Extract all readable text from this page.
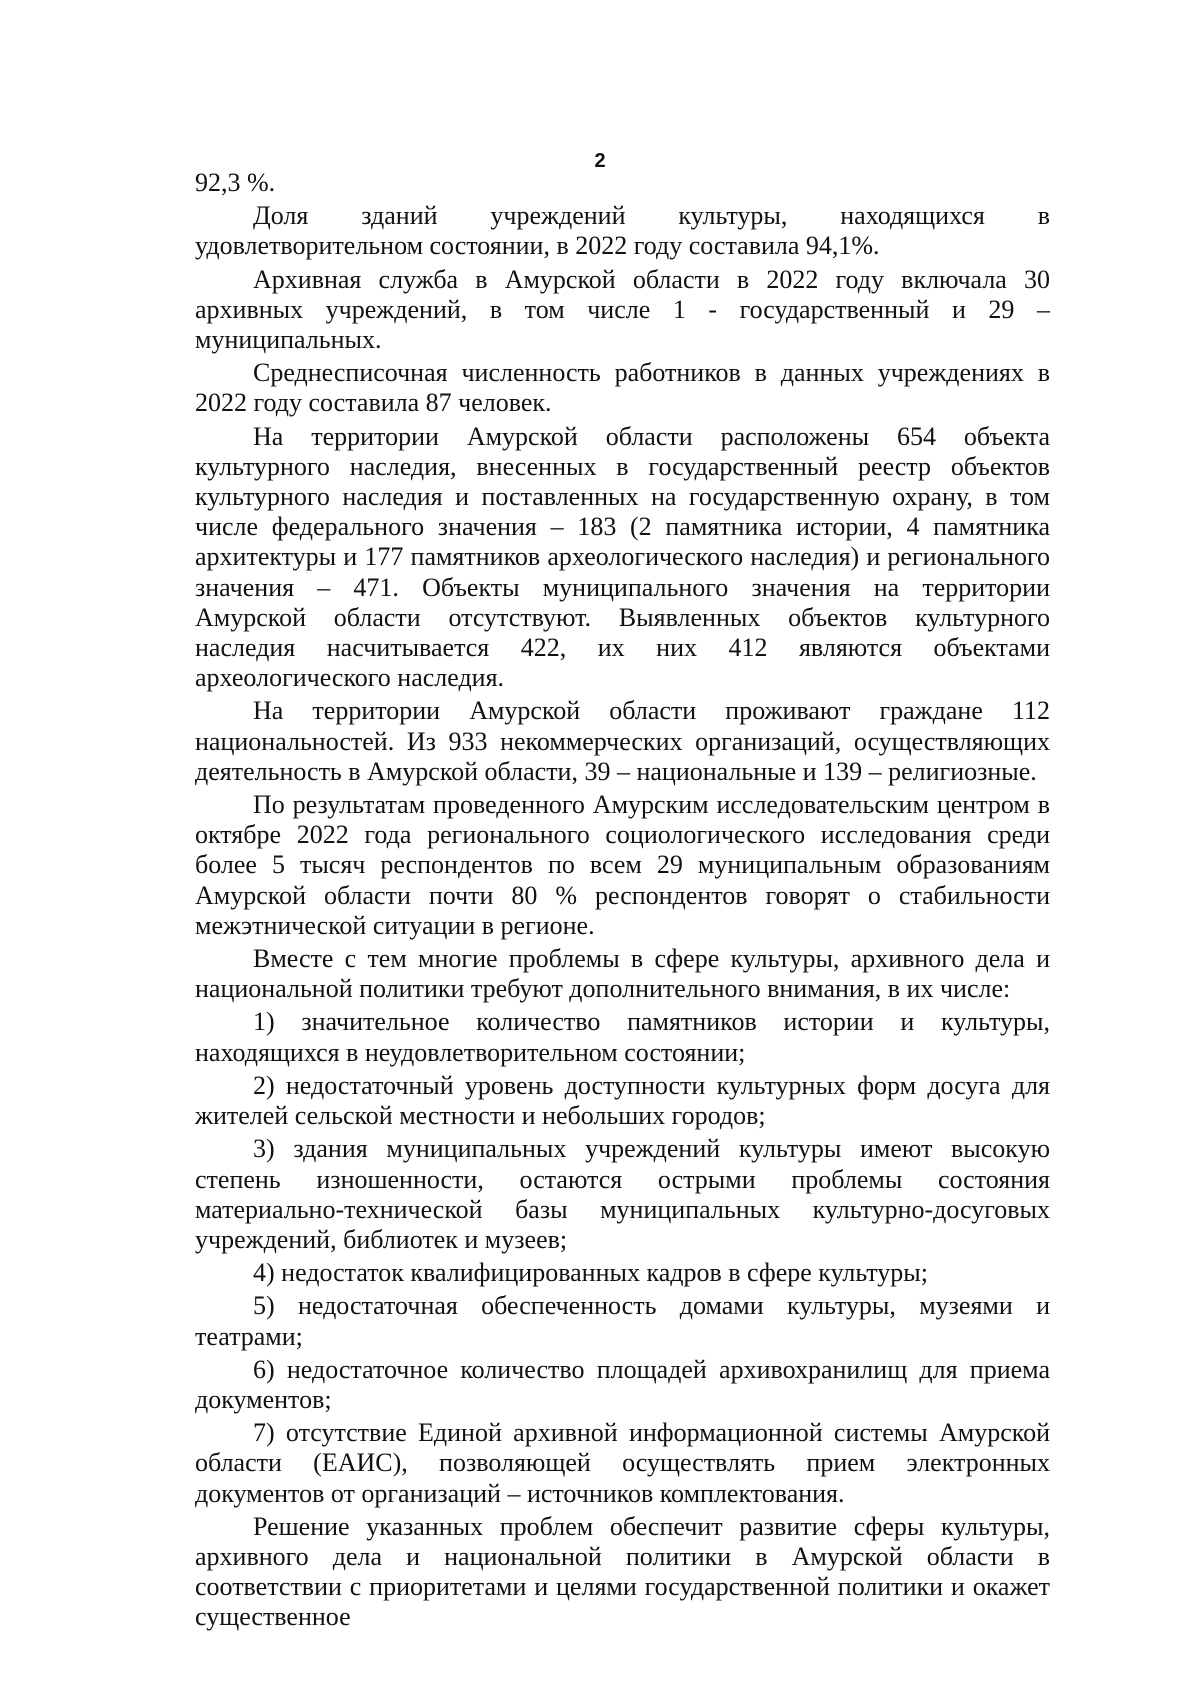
2

92,3 %.

Доля зданий учреждений культуры, находящихся в удовлетворительном состоянии, в 2022 году составила 94,1%.

Архивная служба в Амурской области в 2022 году включала 30 архивных учреждений, в том числе 1 - государственный и 29 – муниципальных.

Среднесписочная численность работников в данных учреждениях в 2022 году составила 87 человек.

На территории Амурской области расположены 654 объекта культурного наследия, внесенных в государственный реестр объектов культурного наследия и поставленных на государственную охрану, в том числе федерального значения – 183 (2 памятника истории, 4 памятника архитектуры и 177 памятников археологического наследия) и регионального значения – 471. Объекты муниципального значения на территории Амурской области отсутствуют. Выявленных объектов культурного наследия насчитывается 422, их них 412 являются объектами археологического наследия.

На территории Амурской области проживают граждане 112 национальностей. Из 933 некоммерческих организаций, осуществляющих деятельность в Амурской области, 39 – национальные и 139 – религиозные.

По результатам проведенного Амурским исследовательским центром в октябре 2022 года регионального социологического исследования среди более 5 тысяч респондентов по всем 29 муниципальным образованиям Амурской области почти 80 % респондентов говорят о стабильности межэтнической ситуации в регионе.

Вместе с тем многие проблемы в сфере культуры, архивного дела и национальной политики требуют дополнительного внимания, в их числе:

1) значительное количество памятников истории и культуры, находящихся в неудовлетворительном состоянии;

2) недостаточный уровень доступности культурных форм досуга для жителей сельской местности и небольших городов;

3) здания муниципальных учреждений культуры имеют высокую степень изношенности, остаются острыми проблемы состояния материально-технической базы муниципальных культурно-досуговых учреждений, библиотек и музеев;

4) недостаток квалифицированных кадров в сфере культуры;

5) недостаточная обеспеченность домами культуры, музеями и театрами;

6) недостаточное количество площадей архивохранилищ для приема документов;

7) отсутствие Единой архивной информационной системы Амурской области (ЕАИС), позволяющей осуществлять прием электронных документов от организаций – источников комплектования.

Решение указанных проблем обеспечит развитие сферы культуры, архивного дела и национальной политики в Амурской области в соответствии с приоритетами и целями государственной политики и окажет существенное
